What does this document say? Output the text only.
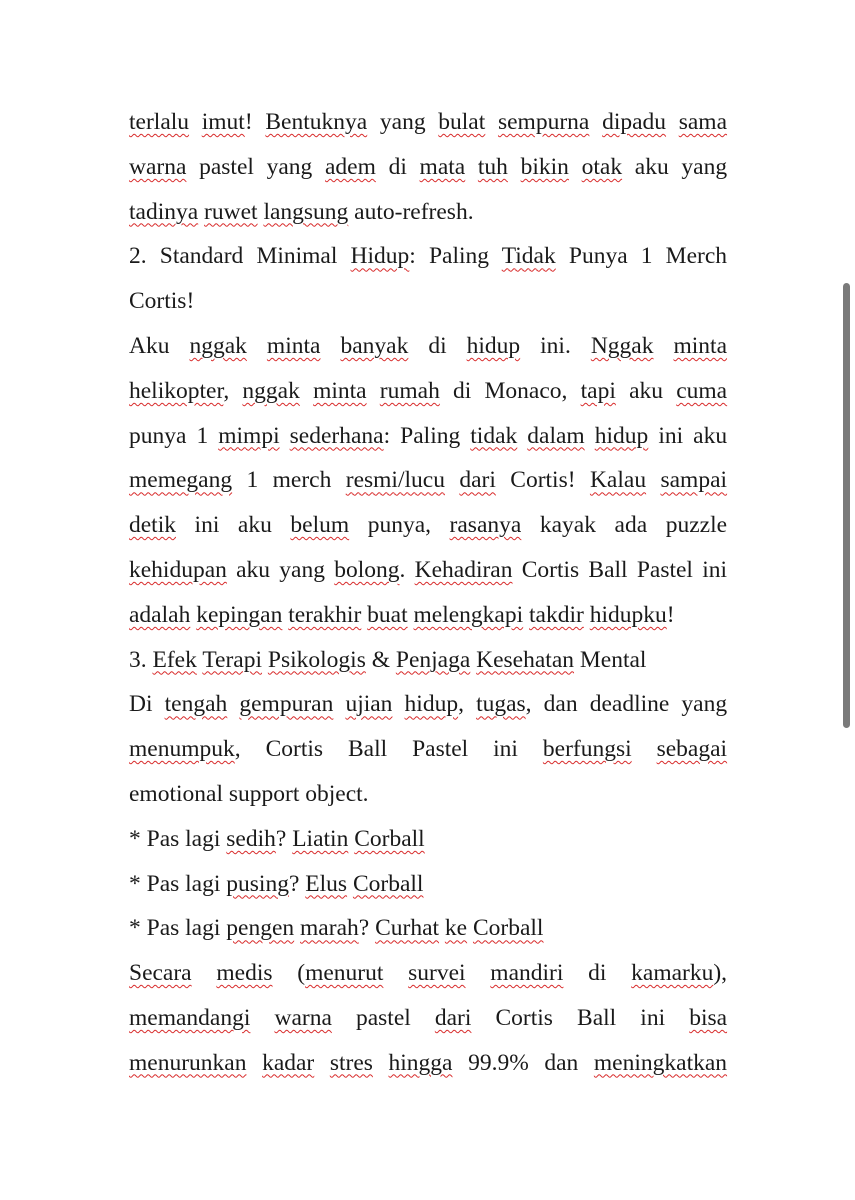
terlalu imut! Bentuknya yang bulat sempurna dipadu sama
warna pastel yang adem di mata tuh bikin otak aku yang
tadinya ruwet langsung auto-refresh.
2. Standard Minimal Hidup: Paling Tidak Punya 1 Merch
Cortis!
Aku nggak minta banyak di hidup ini. Nggak minta
helikopter, nggak minta rumah di Monaco, tapi aku cuma
punya 1 mimpi sederhana: Paling tidak dalam hidup ini aku
memegang 1 merch resmi/lucu dari Cortis! Kalau sampai
detik ini aku belum punya, rasanya kayak ada puzzle
kehidupan aku yang bolong. Kehadiran Cortis Ball Pastel ini
adalah kepingan terakhir buat melengkapi takdir hidupku!
3. Efek Terapi Psikologis & Penjaga Kesehatan Mental
Di tengah gempuran ujian hidup, tugas, dan deadline yang
menumpuk, Cortis Ball Pastel ini berfungsi sebagai
emotional support object.
* Pas lagi sedih? Liatin Corball
* Pas lagi pusing? Elus Corball
* Pas lagi pengen marah? Curhat ke Corball
Secara medis (menurut survei mandiri di kamarku),
memandangi warna pastel dari Cortis Ball ini bisa
menurunkan kadar stres hingga 99.9% dan meningkatkan
